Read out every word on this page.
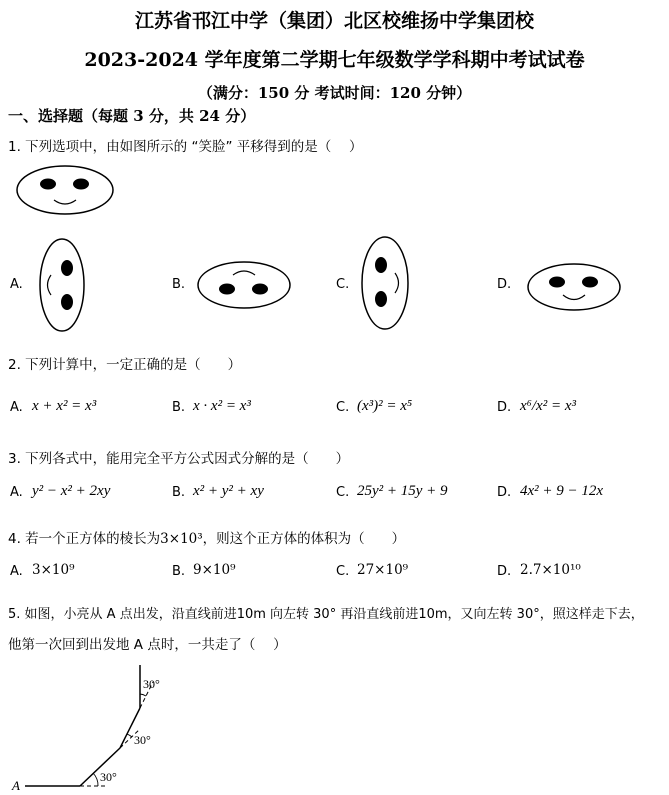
江苏省邗江中学（集团）北区校维扬中学集团校
2023-2024 学年度第二学期七年级数学学科期中考试试卷
（满分：150 分 考试时间：120 分钟）
一、选择题（每题 3 分，共 24 分）
1. 下列选项中，由如图所示的 “笑脸” 平移得到的是（　 ）
A.	B.	C.	D.
2. 下列计算中，一定正确的是（　　）
A. x + x² = x³	B. x · x² = x³	C. (x³)² = x⁵	D. x⁶/x² = x³
3. 下列各式中，能用完全平方公式因式分解的是（　　）
A. y² − x² + 2xy	B. x² + y² + xy	C. 25y² + 15y + 9	D. 4x² + 9 − 12x
4. 若一个正方体的棱长为3×10³，则这个正方体的体积为（　　）
A. 3×10⁹	B. 9×10⁹	C. 27×10⁹	D. 2.7×10¹⁰
5. 如图，小亮从 A 点出发，沿直线前进10m 向左转 30° 再沿直线前进10m，又向左转 30°，照这样走下去，
他第一次回到出发地 A 点时，一共走了（　 ）
30°
30°
30°
A
